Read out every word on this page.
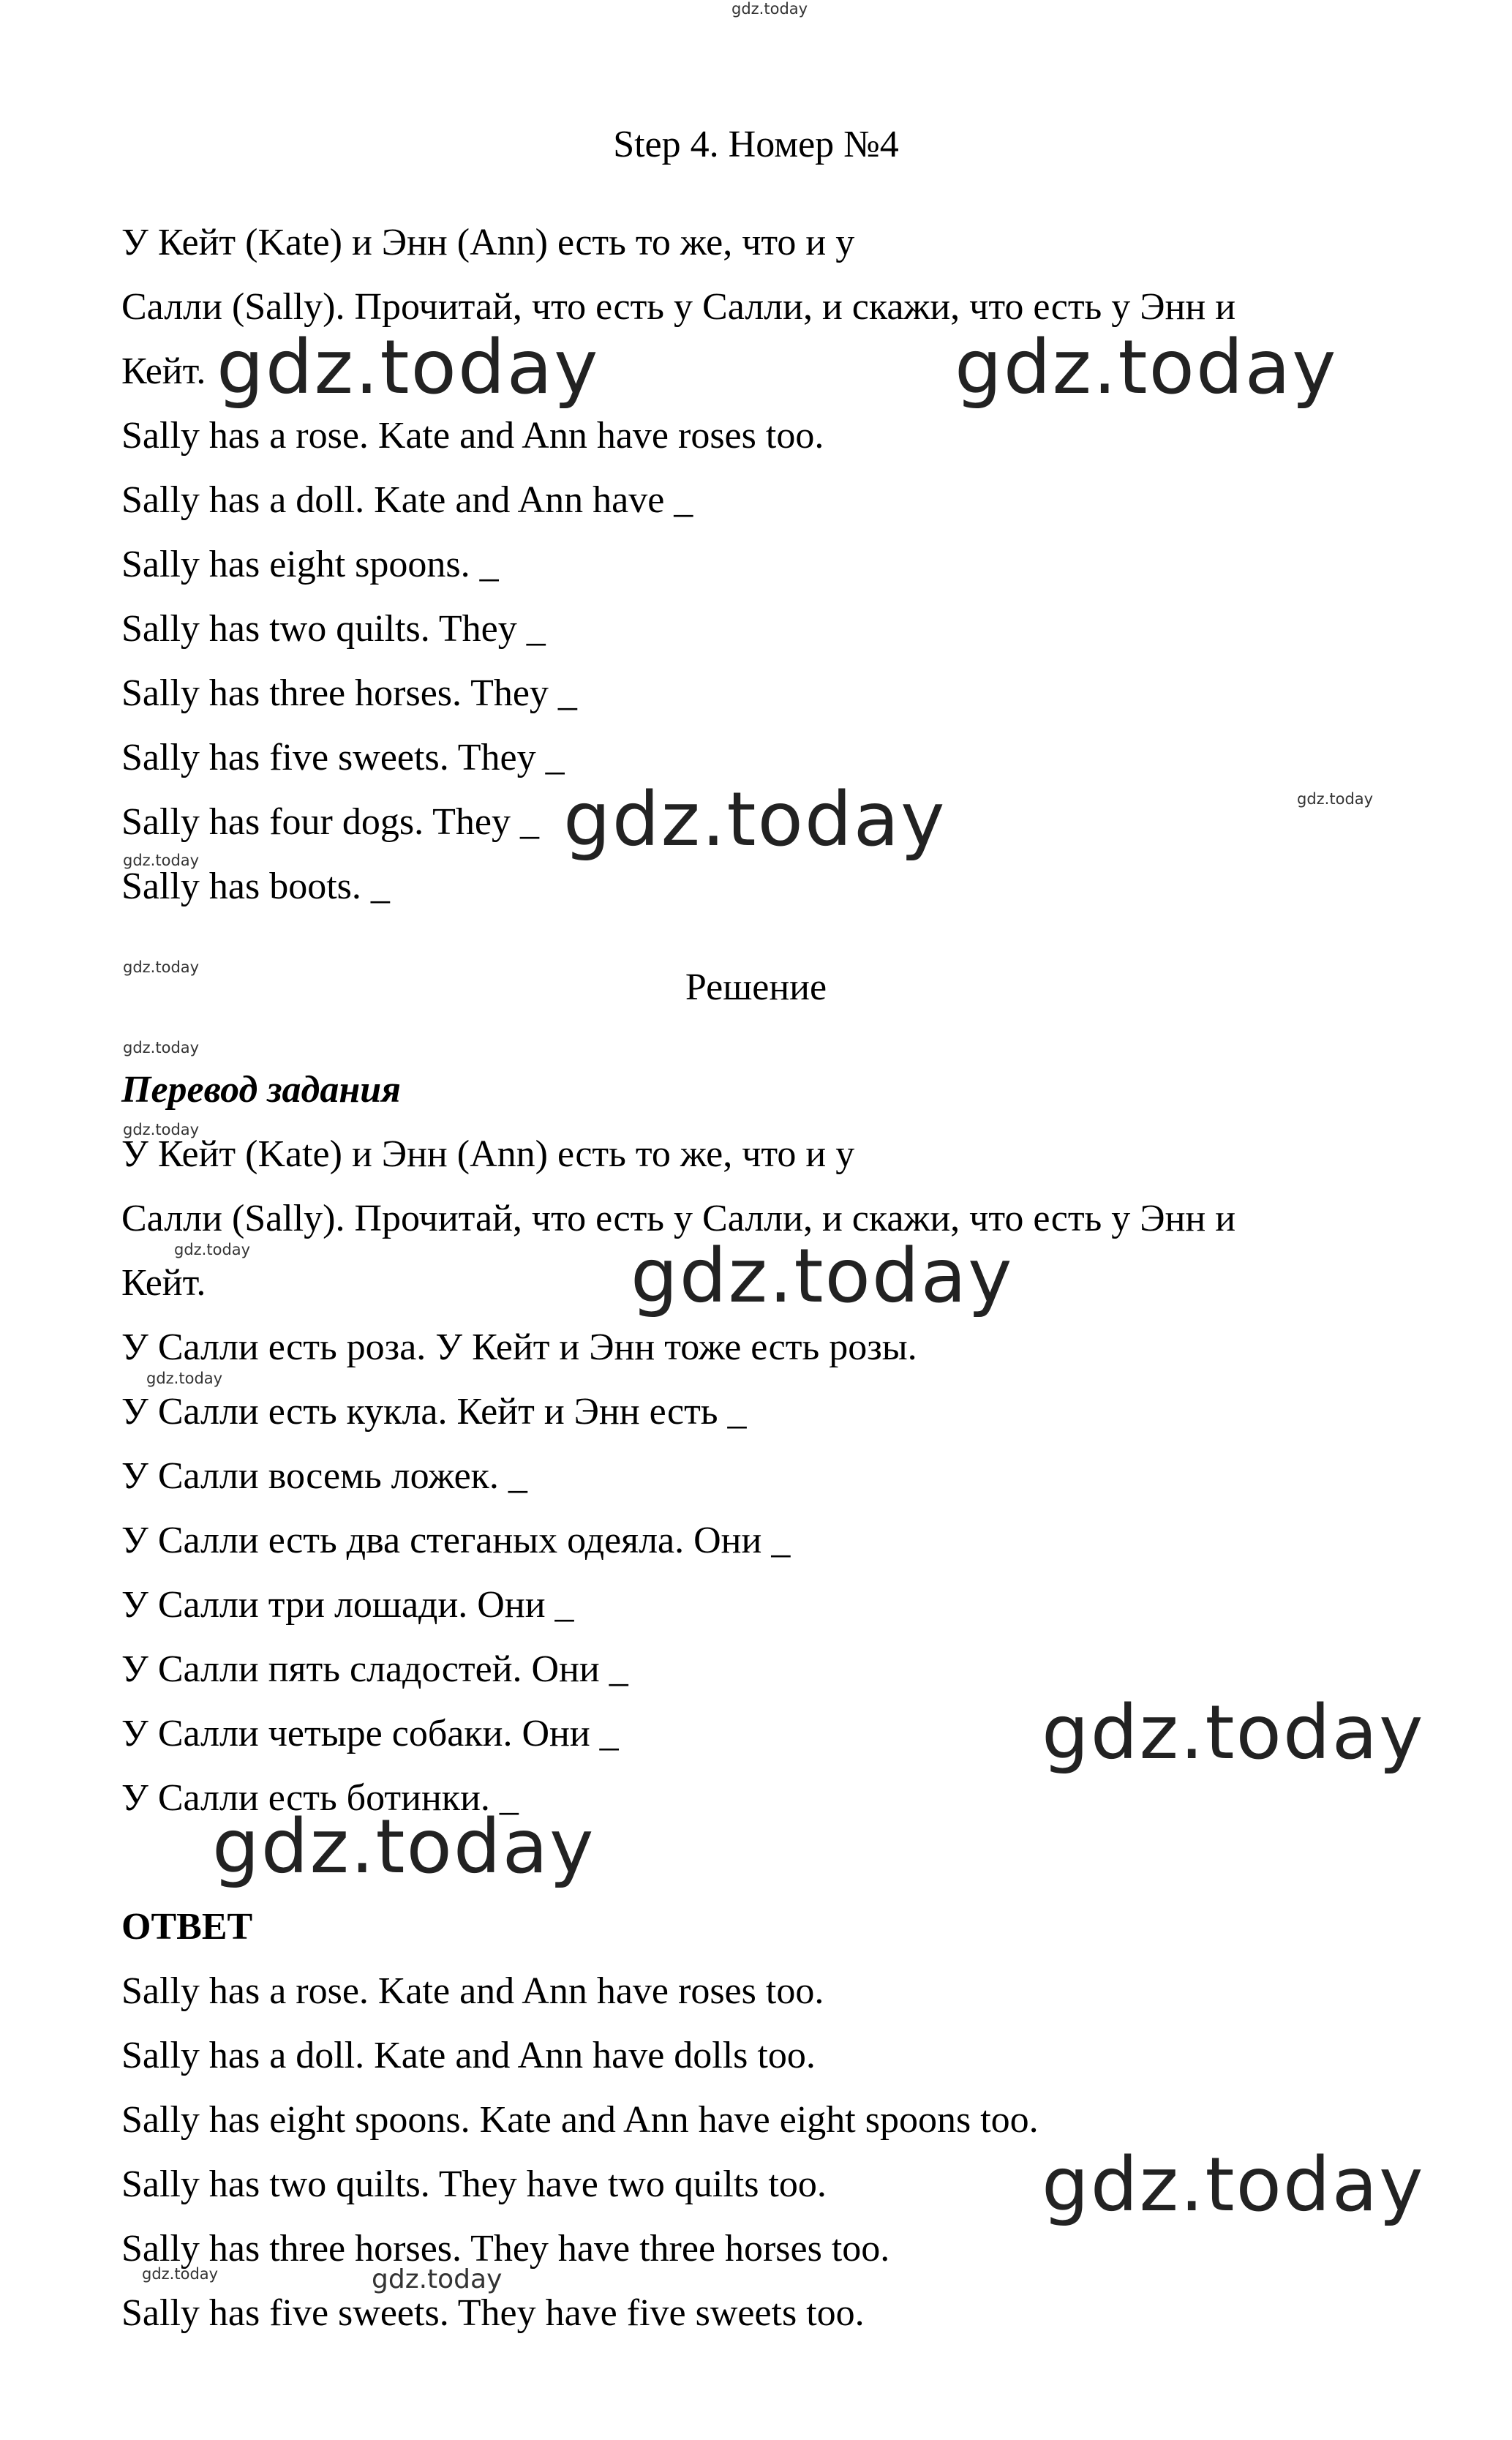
Step 4. Номер №4

У Кейт (Kate) и Энн (Ann) есть то же, что и у

Салли (Sally). Прочитай, что есть у Салли, и скажи, что есть у Энн и

Кейт.

Sally has a rose. Kate and Ann have roses too.

Sally has a doll. Kate and Ann have _

Sally has eight spoons. _

Sally has two quilts. They _

Sally has three horses. They _

Sally has five sweets. They _

Sally has four dogs. They _

Sally has boots. _

Решение

Перевод задания

У Кейт (Kate) и Энн (Ann) есть то же, что и у

Салли (Sally). Прочитай, что есть у Салли, и скажи, что есть у Энн и

Кейт.

У Салли есть роза. У Кейт и Энн тоже есть розы.

У Салли есть кукла. Кейт и Энн есть _

У Салли восемь ложек. _

У Салли есть два стеганых одеяла. Они _

У Салли три лошади. Они _

У Салли пять сладостей. Они _

У Салли четыре собаки. Они _

У Салли есть ботинки. _

ОТВЕТ

Sally has a rose. Kate and Ann have roses too.

Sally has a doll. Kate and Ann have dolls too.

Sally has eight spoons. Kate and Ann have eight spoons too.

Sally has two quilts. They have two quilts too.

Sally has three horses. They have three horses too.

Sally has five sweets. They have five sweets too.

gdz.today	gdz.today
gdz.today
gdz.today
gdz.today
gdz.today
gdz.today
gdz.today
gdz.today
gdz.today
gdz.today
gdz.today
gdz.today
gdz.today
gdz.today
gdz.today	gdz.today
